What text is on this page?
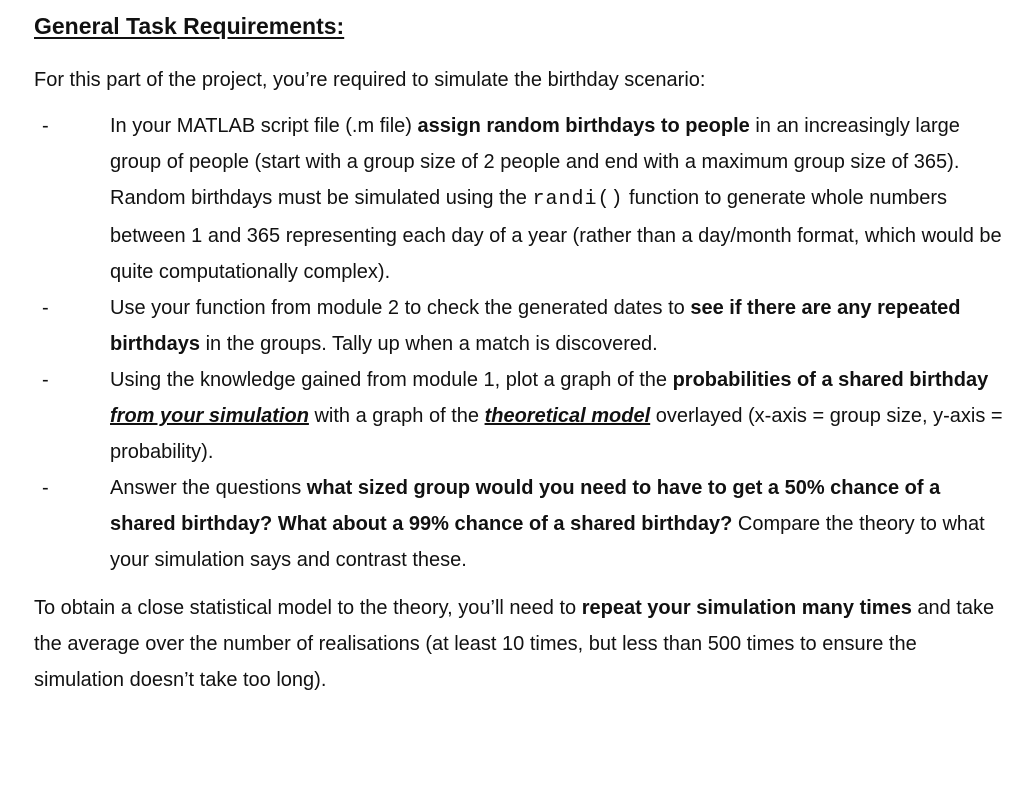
General Task Requirements:

For this part of the project, you’re required to simulate the birthday scenario:

-	In your MATLAB script file (.m file) assign random birthdays to people in an increasingly large group of people (start with a group size of 2 people and end with a maximum group size of 365). Random birthdays must be simulated using the randi() function to generate whole numbers between 1 and 365 representing each day of a year (rather than a day/month format, which would be quite computationally complex).
-	Use your function from module 2 to check the generated dates to see if there are any repeated birthdays in the groups. Tally up when a match is discovered.
-	Using the knowledge gained from module 1, plot a graph of the probabilities of a shared birthday from your simulation with a graph of the theoretical model overlayed (x-axis = group size, y-axis = probability).
-	Answer the questions what sized group would you need to have to get a 50% chance of a shared birthday? What about a 99% chance of a shared birthday? Compare the theory to what your simulation says and contrast these.

To obtain a close statistical model to the theory, you’ll need to repeat your simulation many times and take the average over the number of realisations (at least 10 times, but less than 500 times to ensure the simulation doesn’t take too long).
